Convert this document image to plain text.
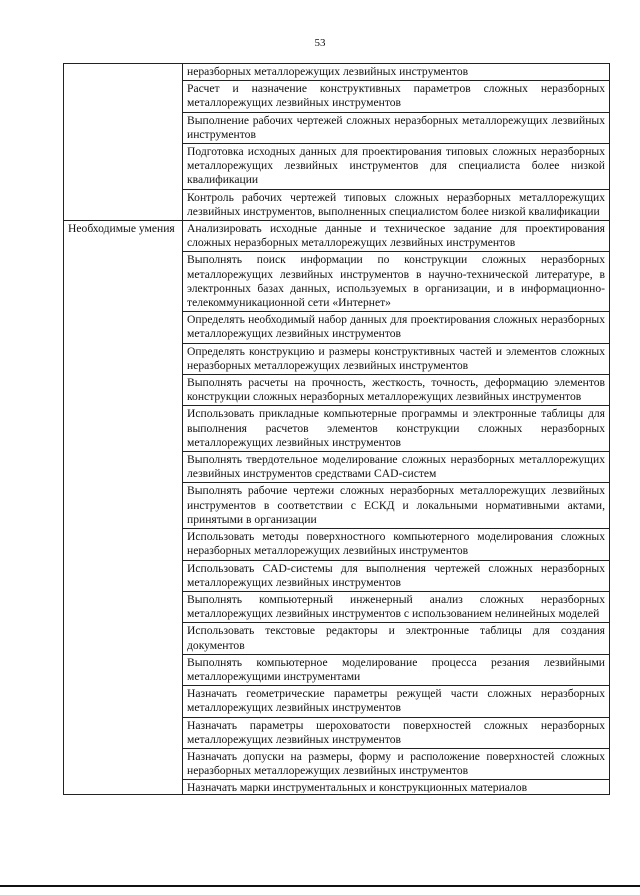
53
	неразборных металлорежущих лезвийных инструментов
	Расчет и назначение конструктивных параметров сложных неразборных металлорежущих лезвийных инструментов
	Выполнение рабочих чертежей сложных неразборных металлорежущих лезвийных инструментов
	Подготовка исходных данных для проектирования типовых сложных неразборных металлорежущих лезвийных инструментов для специалиста более низкой квалификации
	Контроль рабочих чертежей типовых сложных неразборных металлорежущих лезвийных инструментов, выполненных специалистом более низкой квалификации
Необходимые умения	Анализировать исходные данные и техническое задание для проектирования сложных неразборных металлорежущих лезвийных инструментов
	Выполнять поиск информации по конструкции сложных неразборных металлорежущих лезвийных инструментов в научно-технической литературе, в электронных базах данных, используемых в организации, и в информационно-телекоммуникационной сети «Интернет»
	Определять необходимый набор данных для проектирования сложных неразборных металлорежущих лезвийных инструментов
	Определять конструкцию и размеры конструктивных частей и элементов сложных неразборных металлорежущих лезвийных инструментов
	Выполнять расчеты на прочность, жесткость, точность, деформацию элементов конструкции сложных неразборных металлорежущих лезвийных инструментов
	Использовать прикладные компьютерные программы и электронные таблицы для выполнения расчетов элементов конструкции сложных неразборных металлорежущих лезвийных инструментов
	Выполнять твердотельное моделирование сложных неразборных металлорежущих лезвийных инструментов средствами CAD-систем
	Выполнять рабочие чертежи сложных неразборных металлорежущих лезвийных инструментов в соответствии с ЕСКД и локальными нормативными актами, принятыми в организации
	Использовать методы поверхностного компьютерного моделирования сложных неразборных металлорежущих лезвийных инструментов
	Использовать CAD-системы для выполнения чертежей сложных неразборных металлорежущих лезвийных инструментов
	Выполнять компьютерный инженерный анализ сложных неразборных металлорежущих лезвийных инструментов с использованием нелинейных моделей
	Использовать текстовые редакторы и электронные таблицы для создания документов
	Выполнять компьютерное моделирование процесса резания лезвийными металлорежущими инструментами
	Назначать геометрические параметры режущей части сложных неразборных металлорежущих лезвийных инструментов
	Назначать параметры шероховатости поверхностей сложных неразборных металлорежущих лезвийных инструментов
	Назначать допуски на размеры, форму и расположение поверхностей сложных неразборных металлорежущих лезвийных инструментов

	Назначать марки инструментальных и конструкционных материалов
